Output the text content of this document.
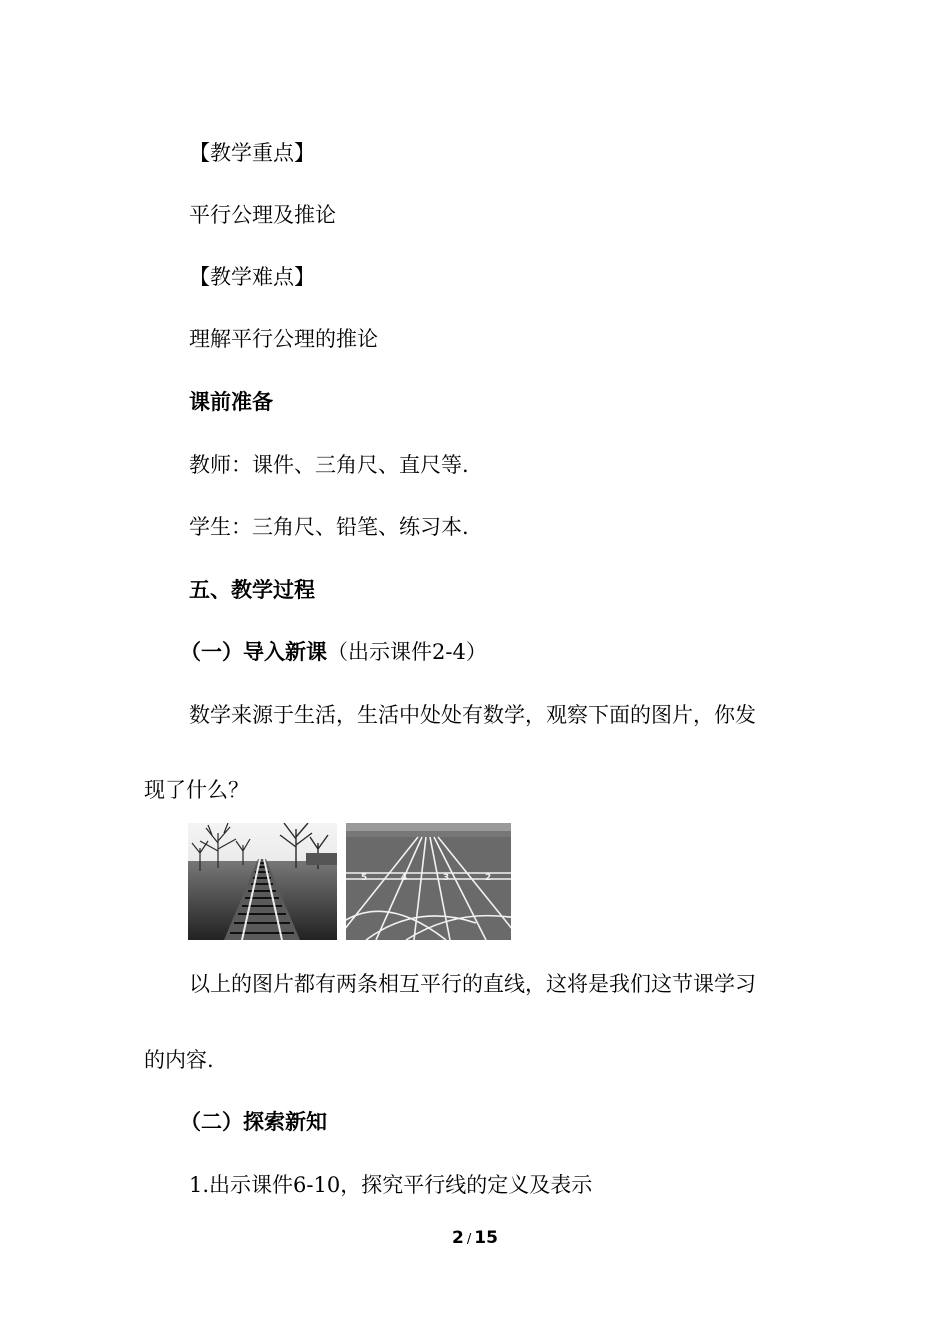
【教学重点】
平行公理及推论
【教学难点】
理解平行公理的推论
课前准备
教师：课件、三角尺、直尺等.
学生：三角尺、铅笔、练习本.
五、教学过程
（一）导入新课（出示课件2-4）
数学来源于生活，生活中处处有数学，观察下面的图片，你发
现了什么？
5	4	3	2
以上的图片都有两条相互平行的直线，这将是我们这节课学习
的内容.
（二）探索新知
1.出示课件6-10，探究平行线的定义及表示
2 / 15
